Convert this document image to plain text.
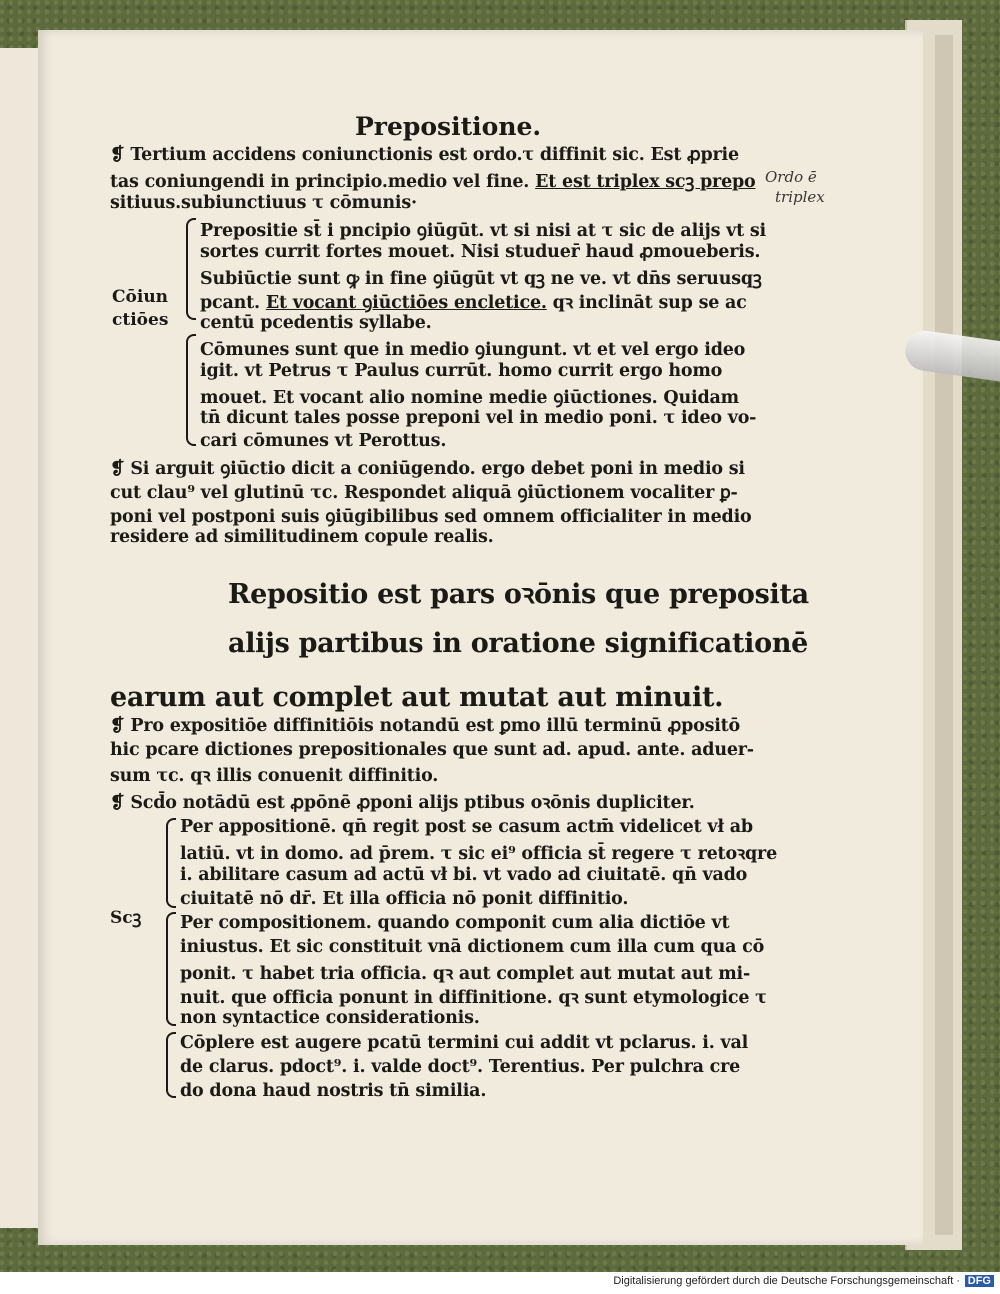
Prepositione.
❡ Tertium accidens coniunctionis est ordo.τ diffinit sic. Est ꝓprie
tas coniungendi in principio.medio vel fine. Et est triplex scꝫ prepo
sitiuus.subiunctiuus τ cōmunis·
Ordo ē
triplex
Cōiun
ctiōes
Prepositie st̄ i pncipio ꝯiūgūt. vt si nisi at τ sic de alijs vt si
sortes currit fortes mouet. Nisi studuer̄ haud ꝓmoueberis.
Subiūctie sunt ꝙ in fine ꝯiūgūt vt qꝫ ne ve. vt dn̄s seruusqꝫ
pcant. Et vocant ꝯiūctiōes encletice. qꝛ inclināt sup se ac
centū pcedentis syllabe.
Cōmunes sunt que in medio ꝯiungunt. vt et vel ergo ideo
igit. vt Petrus τ Paulus currūt. homo currit ergo homo
mouet. Et vocant alio nomine medie ꝯiūctiones. Quidam
tn̄ dicunt tales posse preponi vel in medio poni. τ ideo vo-
cari cōmunes vt Perottus.
❡ Si arguit ꝯiūctio dicit a coniūgendo. ergo debet poni in medio si
cut clau⁹ vel glutinū τc. Respondet aliquā ꝯiūctionem vocaliter ꝑ-
poni vel postponi suis ꝯiūgibilibus sed omnem officialiter in medio
residere ad similitudinem copule realis.
Repositio est pars oꝛōnis que preposita
alijs partibus in oratione significationē
earum aut complet aut mutat aut minuit.
❡ Pro expositiōe diffinitiōis notandū est ꝑmo illū terminū ꝓpositō
hic pcare dictiones prepositionales que sunt ad. apud. ante. aduer-
sum τc. qꝛ illis conuenit diffinitio.
❡ Scd̄o notādū est ꝓpōnē ꝓponi alijs ptibus oꝛōnis dupliciter.
Scꝫ
Per appositionē. qn̄ regit post se casum actm̄ videlicet vł ab
latiū. vt in domo. ad p̄rem. τ sic ei⁹ officia st̄ regere τ retoꝛqre
i. abilitare casum ad actū vł bi. vt vado ad ciuitatē. qn̄ vado
ciuitatē nō dr̄. Et illa officia nō ponit diffinitio.
Per compositionem. quando componit cum alia dictiōe vt
iniustus. Et sic constituit vnā dictionem cum illa cum qua cō
ponit. τ habet tria officia. qꝛ aut complet aut mutat aut mi-
nuit. que officia ponunt in diffinitione. qꝛ sunt etymologice τ
non syntactice considerationis.
Cōplere est augere pcatū termini cui addit vt pclarus. i. val
de clarus. pdoct⁹. i. valde doct⁹. Terentius. Per pulchra cre
do dona haud nostris tn̄ similia.
Digitalisierung gefördert durch die Deutsche Forschungsgemeinschaft · DFG
